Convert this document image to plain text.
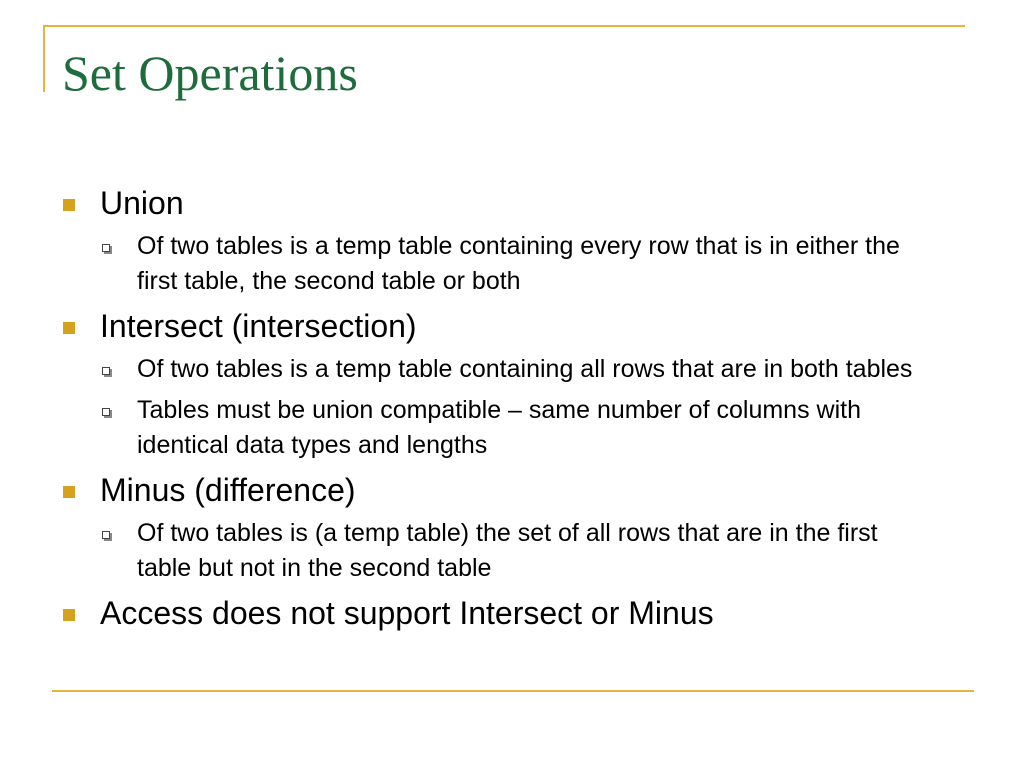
Set Operations
Union
Of two tables is a temp table containing every row that is in either the first table, the second table or both
Intersect (intersection)
Of two tables is a temp table containing all rows that are in both tables
Tables must be union compatible – same number of columns with identical data types and lengths
Minus (difference)
Of two tables is (a temp table) the set of all rows that are in the first table but not in the second table
Access does not support Intersect or Minus
